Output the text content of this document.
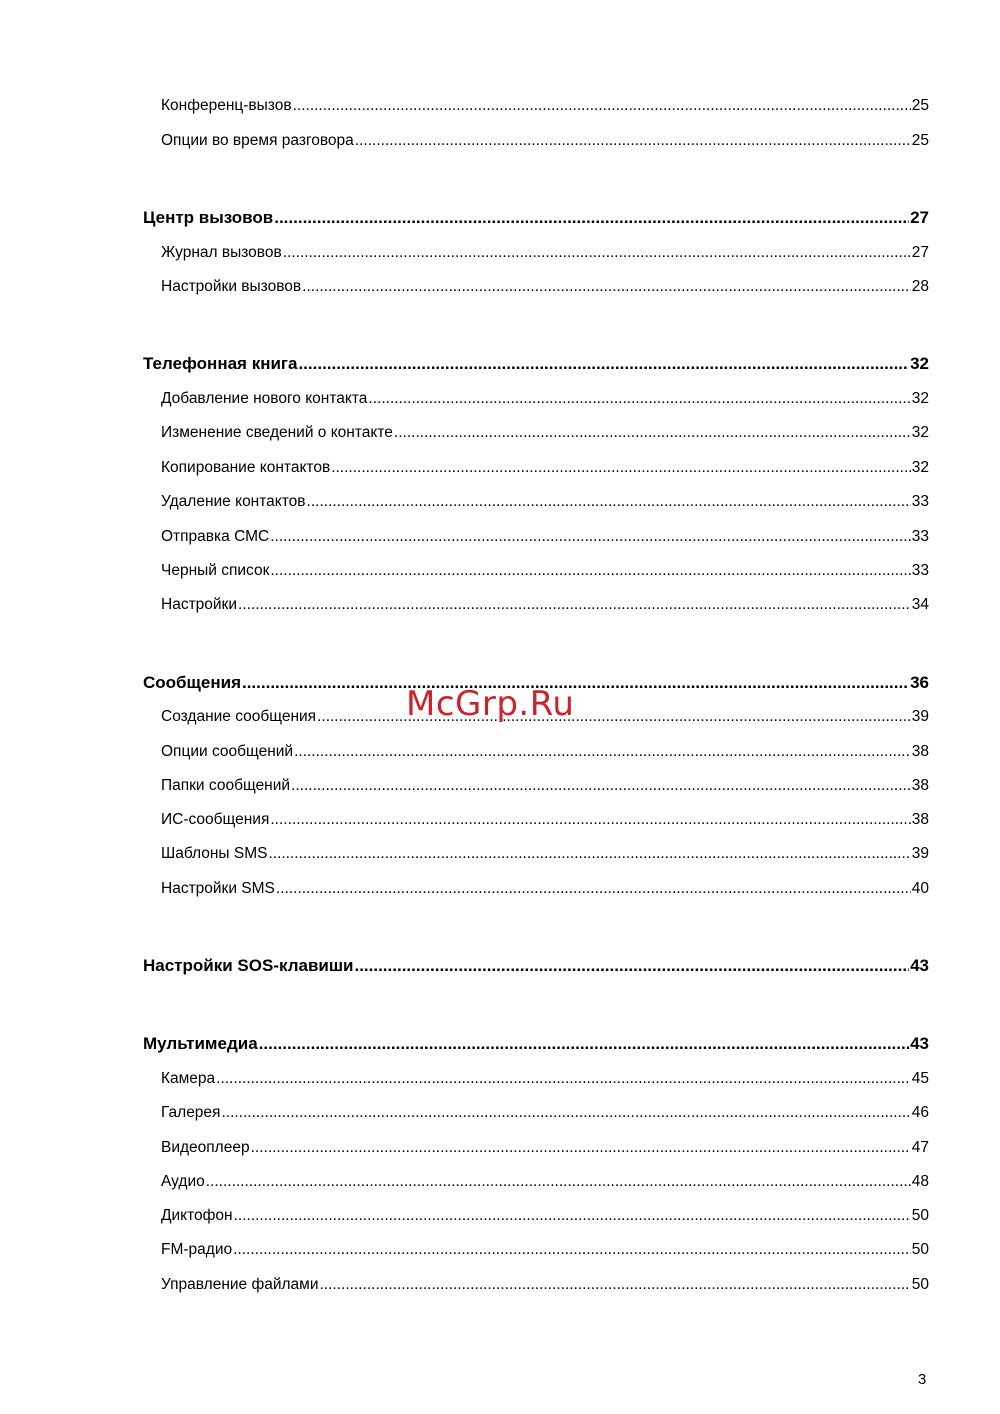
Конференц-вызов .....	25
Опции во время разговора .....	25
Центр вызовов .....	27
Журнал вызовов .....	27
Настройки вызовов .....	28
Телефонная книга .....	32
Добавление нового контакта .....	32
Изменение сведений о контакте .....	32
Копирование контактов .....	32
Удаление контактов .....	33
Отправка СМС .....	33
Черный список .....	33
Настройки .....	34
Сообщения .....	36
Создание сообщения .....	39
Опции сообщений .....	38
Папки сообщений .....	38
ИС-сообщения .....	38
Шаблоны SMS .....	39
Настройки SMS .....	40
Настройки SOS-клавиши .....	43
Мультимедиа .....	43
Камера .....	45
Галерея .....	46
Видеоплеер .....	47
Аудио .....	48
Диктофон .....	50
FM-радио .....	50
Управление файлами .....	50
McGrp.Ru
3
